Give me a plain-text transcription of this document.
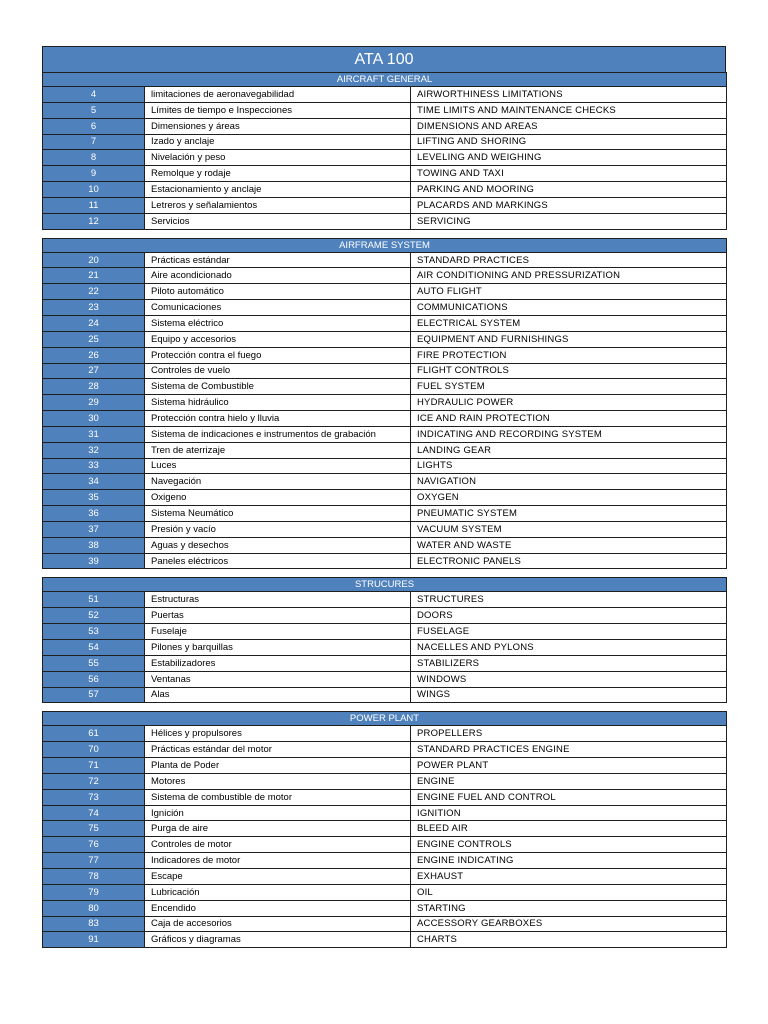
ATA 100
AIRCRAFT GENERAL		
4	limitaciones de aeronavegabilidad	AIRWORTHINESS LIMITATIONS
5	Límites de tiempo e Inspecciones	TIME LIMITS AND MAINTENANCE CHECKS
6	Dimensiones y áreas	DIMENSIONS AND AREAS
7	Izado y anclaje	LIFTING AND SHORING
8	Nivelación y peso	LEVELING AND WEIGHING
9	Remolque y rodaje	TOWING AND TAXI
10	Estacionamiento y anclaje	PARKING AND MOORING
11	Letreros y señalamientos	PLACARDS AND MARKINGS
12	Servicios	SERVICING
AIRFRAME SYSTEM		
20	Prácticas estándar	STANDARD PRACTICES
21	Aire acondicionado	AIR CONDITIONING AND PRESSURIZATION
22	Piloto automático	AUTO FLIGHT
23	Comunicaciones	COMMUNICATIONS
24	Sistema eléctrico	ELECTRICAL SYSTEM
25	Equipo y accesorios	EQUIPMENT AND FURNISHINGS
26	Protección contra el fuego	FIRE PROTECTION
27	Controles de vuelo	FLIGHT CONTROLS
28	Sistema de Combustible	FUEL SYSTEM
29	Sistema hidráulico	HYDRAULIC POWER
30	Protección contra hielo y lluvia	ICE AND RAIN PROTECTION
31	Sistema de indicaciones e instrumentos de grabación	INDICATING AND RECORDING SYSTEM
32	Tren de aterrizaje	LANDING GEAR
33	Luces	LIGHTS
34	Navegación	NAVIGATION
35	Oxigeno	OXYGEN
36	Sistema Neumático	PNEUMATIC SYSTEM
37	Presión y vacío	VACUUM SYSTEM
38	Aguas y desechos	WATER AND WASTE
39	Paneles eléctricos	ELECTRONIC PANELS
STRUCURES		
51	Estructuras	STRUCTURES
52	Puertas	DOORS
53	Fuselaje	FUSELAGE
54	Pilones y barquillas	NACELLES AND PYLONS
55	Estabilizadores	STABILIZERS
56	Ventanas	WINDOWS
57	Alas	WINGS
POWER PLANT		
61	Hélices y propulsores	PROPELLERS
70	Prácticas estándar del motor	STANDARD PRACTICES ENGINE
71	Planta de Poder	POWER PLANT
72	Motores	ENGINE
73	Sistema de combustible de motor	ENGINE FUEL AND CONTROL
74	Ignición	IGNITION
75	Purga de aire	BLEED AIR
76	Controles de motor	ENGINE CONTROLS
77	Indicadores de motor	ENGINE INDICATING
78	Escape	EXHAUST
79	Lubricación	OIL
80	Encendido	STARTING
83	Caja de accesorios	ACCESSORY GEARBOXES
91	Gráficos y diagramas	CHARTS
